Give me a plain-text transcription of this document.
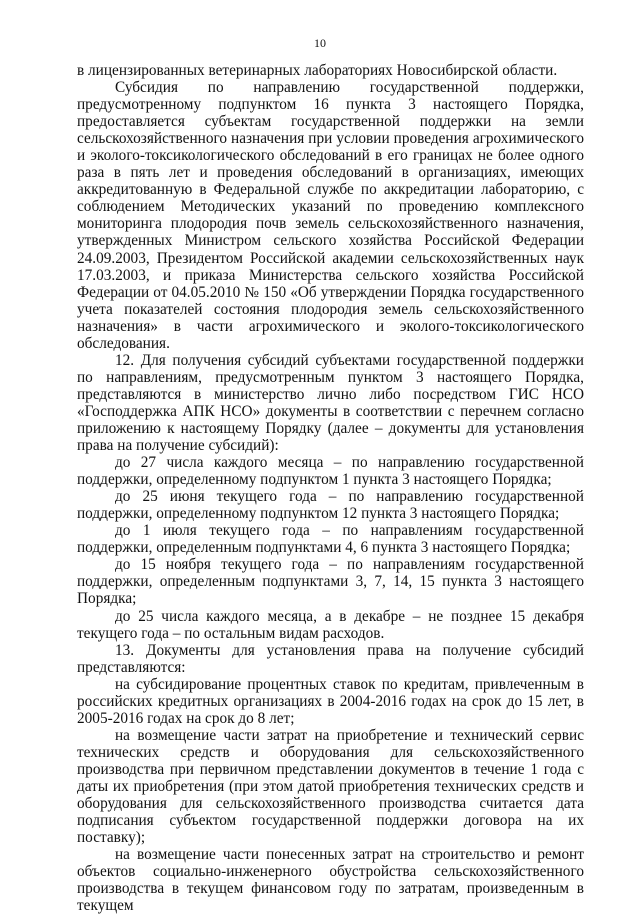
10

в лицензированных ветеринарных лабораториях Новосибирской области.

Субсидия по направлению государственной поддержки, предусмотренному подпунктом 16 пункта 3 настоящего Порядка, предоставляется субъектам государственной поддержки на земли сельскохозяйственного назначения при условии проведения агрохимического и эколого-токсикологического обследований в его границах не более одного раза в пять лет и проведения обследований в организациях, имеющих аккредитованную в Федеральной службе по аккредитации лабораторию, с соблюдением Методических указаний по проведению комплексного мониторинга плодородия почв земель сельскохозяйственного назначения, утвержденных Министром сельского хозяйства Российской Федерации 24.09.2003, Президентом Российской академии сельскохозяйственных наук 17.03.2003, и приказа Министерства сельского хозяйства Российской Федерации от 04.05.2010 № 150 «Об утверждении Порядка государственного учета показателей состояния плодородия земель сельскохозяйственного назначения» в части агрохимического и эколого-токсикологического обследования.

12. Для получения субсидий субъектами государственной поддержки по направлениям, предусмотренным пунктом 3 настоящего Порядка, представляются в министерство лично либо посредством ГИС НСО «Господдержка АПК НСО» документы в соответствии с перечнем согласно приложению к настоящему Порядку (далее – документы для установления права на получение субсидий):

до 27 числа каждого месяца – по направлению государственной поддержки, определенному подпунктом 1 пункта 3 настоящего Порядка;

до 25 июня текущего года – по направлению государственной поддержки, определенному подпунктом 12 пункта 3 настоящего Порядка;

до 1 июля текущего года – по направлениям государственной поддержки, определенным подпунктами 4, 6 пункта 3 настоящего Порядка;

до 15 ноября текущего года – по направлениям государственной поддержки, определенным подпунктами 3, 7, 14, 15 пункта 3 настоящего Порядка;

до 25 числа каждого месяца, а в декабре – не позднее 15 декабря текущего года – по остальным видам расходов.

13. Документы для установления права на получение субсидий представляются:

на субсидирование процентных ставок по кредитам, привлеченным в российских кредитных организациях в 2004-2016 годах на срок до 15 лет, в 2005-2016 годах на срок до 8 лет;

на возмещение части затрат на приобретение и технический сервис технических средств и оборудования для сельскохозяйственного производства при первичном представлении документов в течение 1 года с даты их приобретения (при этом датой приобретения технических средств и оборудования для сельскохозяйственного производства считается дата подписания субъектом государственной поддержки договора на их поставку);

на возмещение части понесенных затрат на строительство и ремонт объектов социально-инженерного обустройства сельскохозяйственного производства в текущем финансовом году по затратам, произведенным в текущем
